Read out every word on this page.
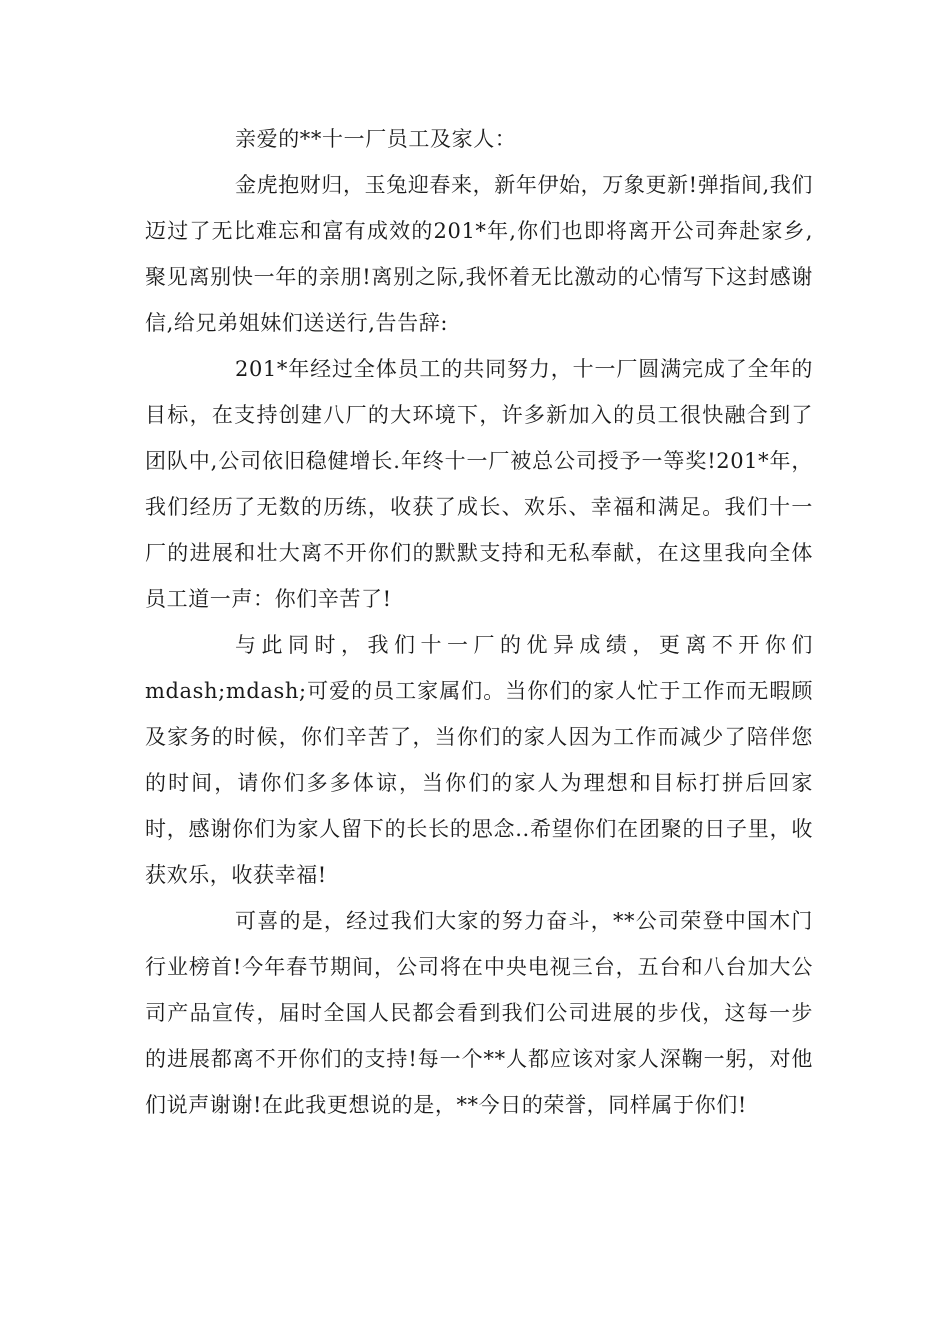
亲爱的**十一厂员工及家人：

金虎抱财归，玉兔迎春来，新年伊始，万象更新!弹指间,我们迈过了无比难忘和富有成效的201*年,你们也即将离开公司奔赴家乡,聚见离别快一年的亲朋!离别之际,我怀着无比激动的心情写下这封感谢信,给兄弟姐妹们送送行,告告辞:

201*年经过全体员工的共同努力，十一厂圆满完成了全年的目标，在支持创建八厂的大环境下，许多新加入的员工很快融合到了团队中,公司依旧稳健增长.年终十一厂被总公司授予一等奖!201*年，我们经历了无数的历练，收获了成长、欢乐、幸福和满足。我们十一厂的进展和壮大离不开你们的默默支持和无私奉献，在这里我向全体员工道一声：你们辛苦了!

与此同时，我们十一厂的优异成绩，更离不开你们mdash;mdash;可爱的员工家属们。当你们的家人忙于工作而无暇顾及家务的时候，你们辛苦了，当你们的家人因为工作而减少了陪伴您的时间，请你们多多体谅，当你们的家人为理想和目标打拼后回家时，感谢你们为家人留下的长长的思念..希望你们在团聚的日子里，收获欢乐，收获幸福!

可喜的是，经过我们大家的努力奋斗，**公司荣登中国木门行业榜首!今年春节期间，公司将在中央电视三台，五台和八台加大公司产品宣传，届时全国人民都会看到我们公司进展的步伐，这每一步的进展都离不开你们的支持!每一个**人都应该对家人深鞠一躬，对他们说声谢谢!在此我更想说的是，**今日的荣誉，同样属于你们!
